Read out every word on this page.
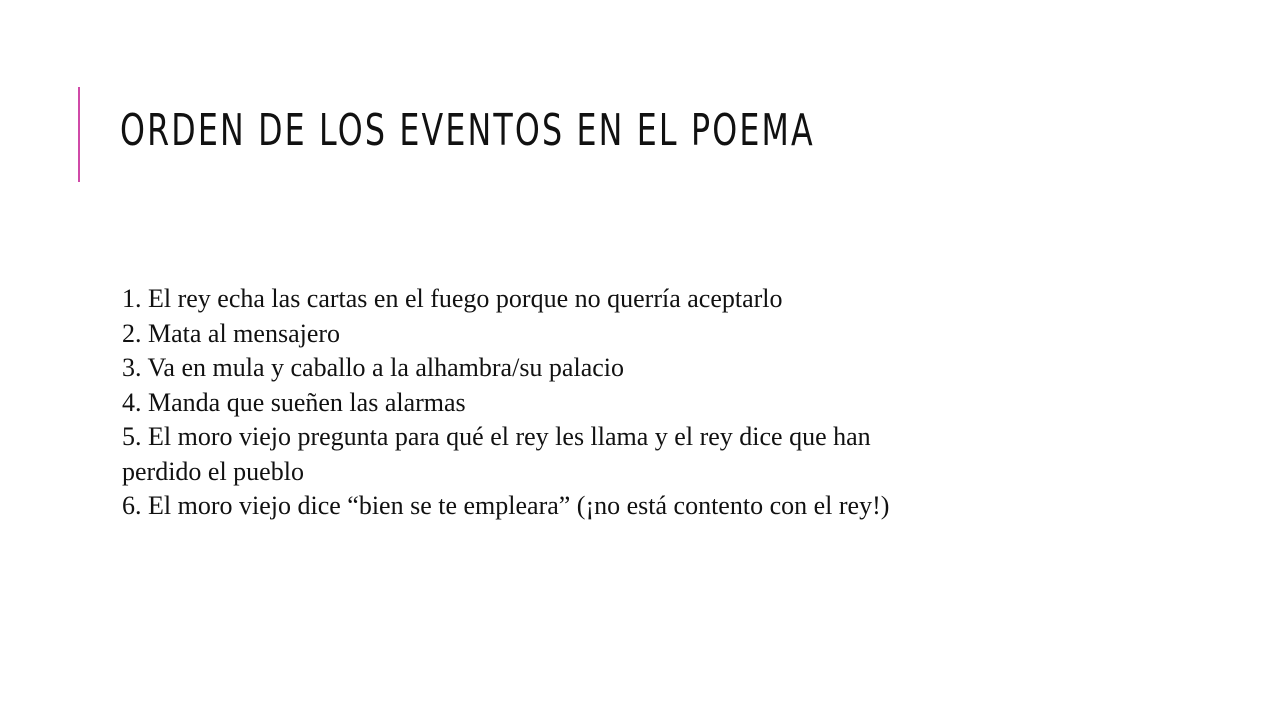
ORDEN DE LOS EVENTOS EN EL POEMA
1. El rey echa las cartas en el fuego porque no querría aceptarlo
2. Mata al mensajero
3. Va en mula y caballo a la alhambra/su palacio
4. Manda que sueñen las alarmas
5. El moro viejo pregunta para qué el rey les llama y el rey dice que han
perdido el pueblo
6. El moro viejo dice “bien se te empleara” (¡no está contento con el rey!)
